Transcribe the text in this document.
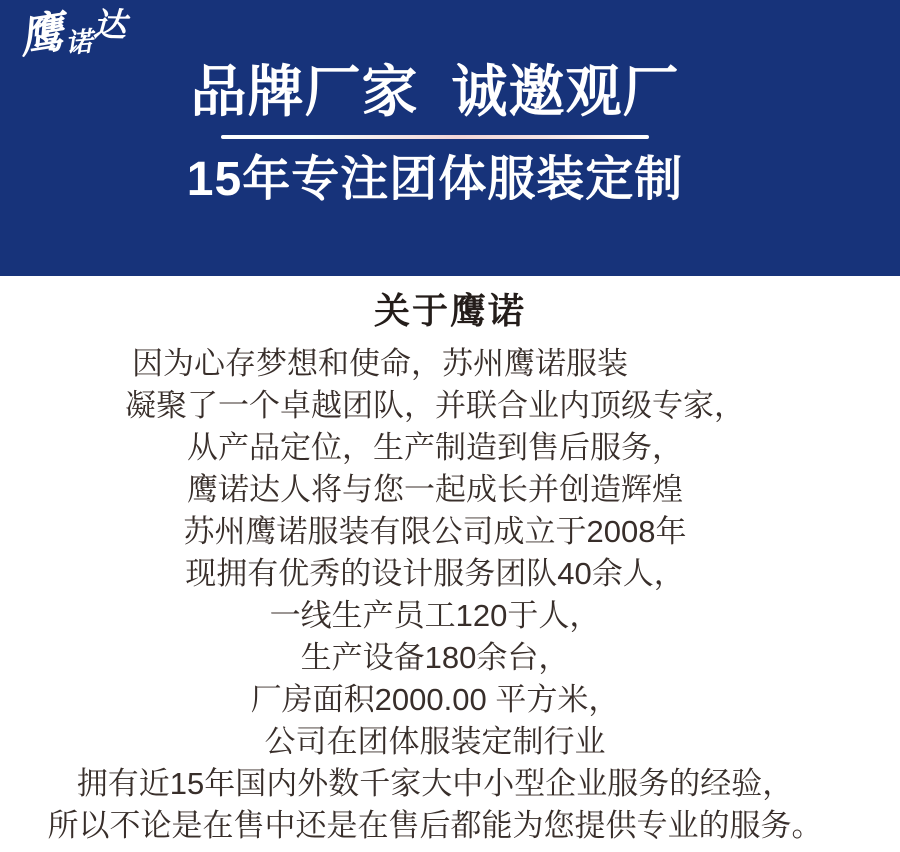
鹰诺达
品牌厂家  诚邀观厂
15年专注团体服装定制
关于鹰诺
因为心存梦想和使命，苏州鹰诺服装
凝聚了一个卓越团队，并联合业内顶级专家，
从产品定位，生产制造到售后服务，
鹰诺达人将与您一起成长并创造辉煌
苏州鹰诺服装有限公司成立于2008年
现拥有优秀的设计服务团队40余人，
一线生产员工120于人，
生产设备180余台，
厂房面积2000.00 平方米，
公司在团体服装定制行业
拥有近15年国内外数千家大中小型企业服务的经验，
所以不论是在售中还是在售后都能为您提供专业的服务。
